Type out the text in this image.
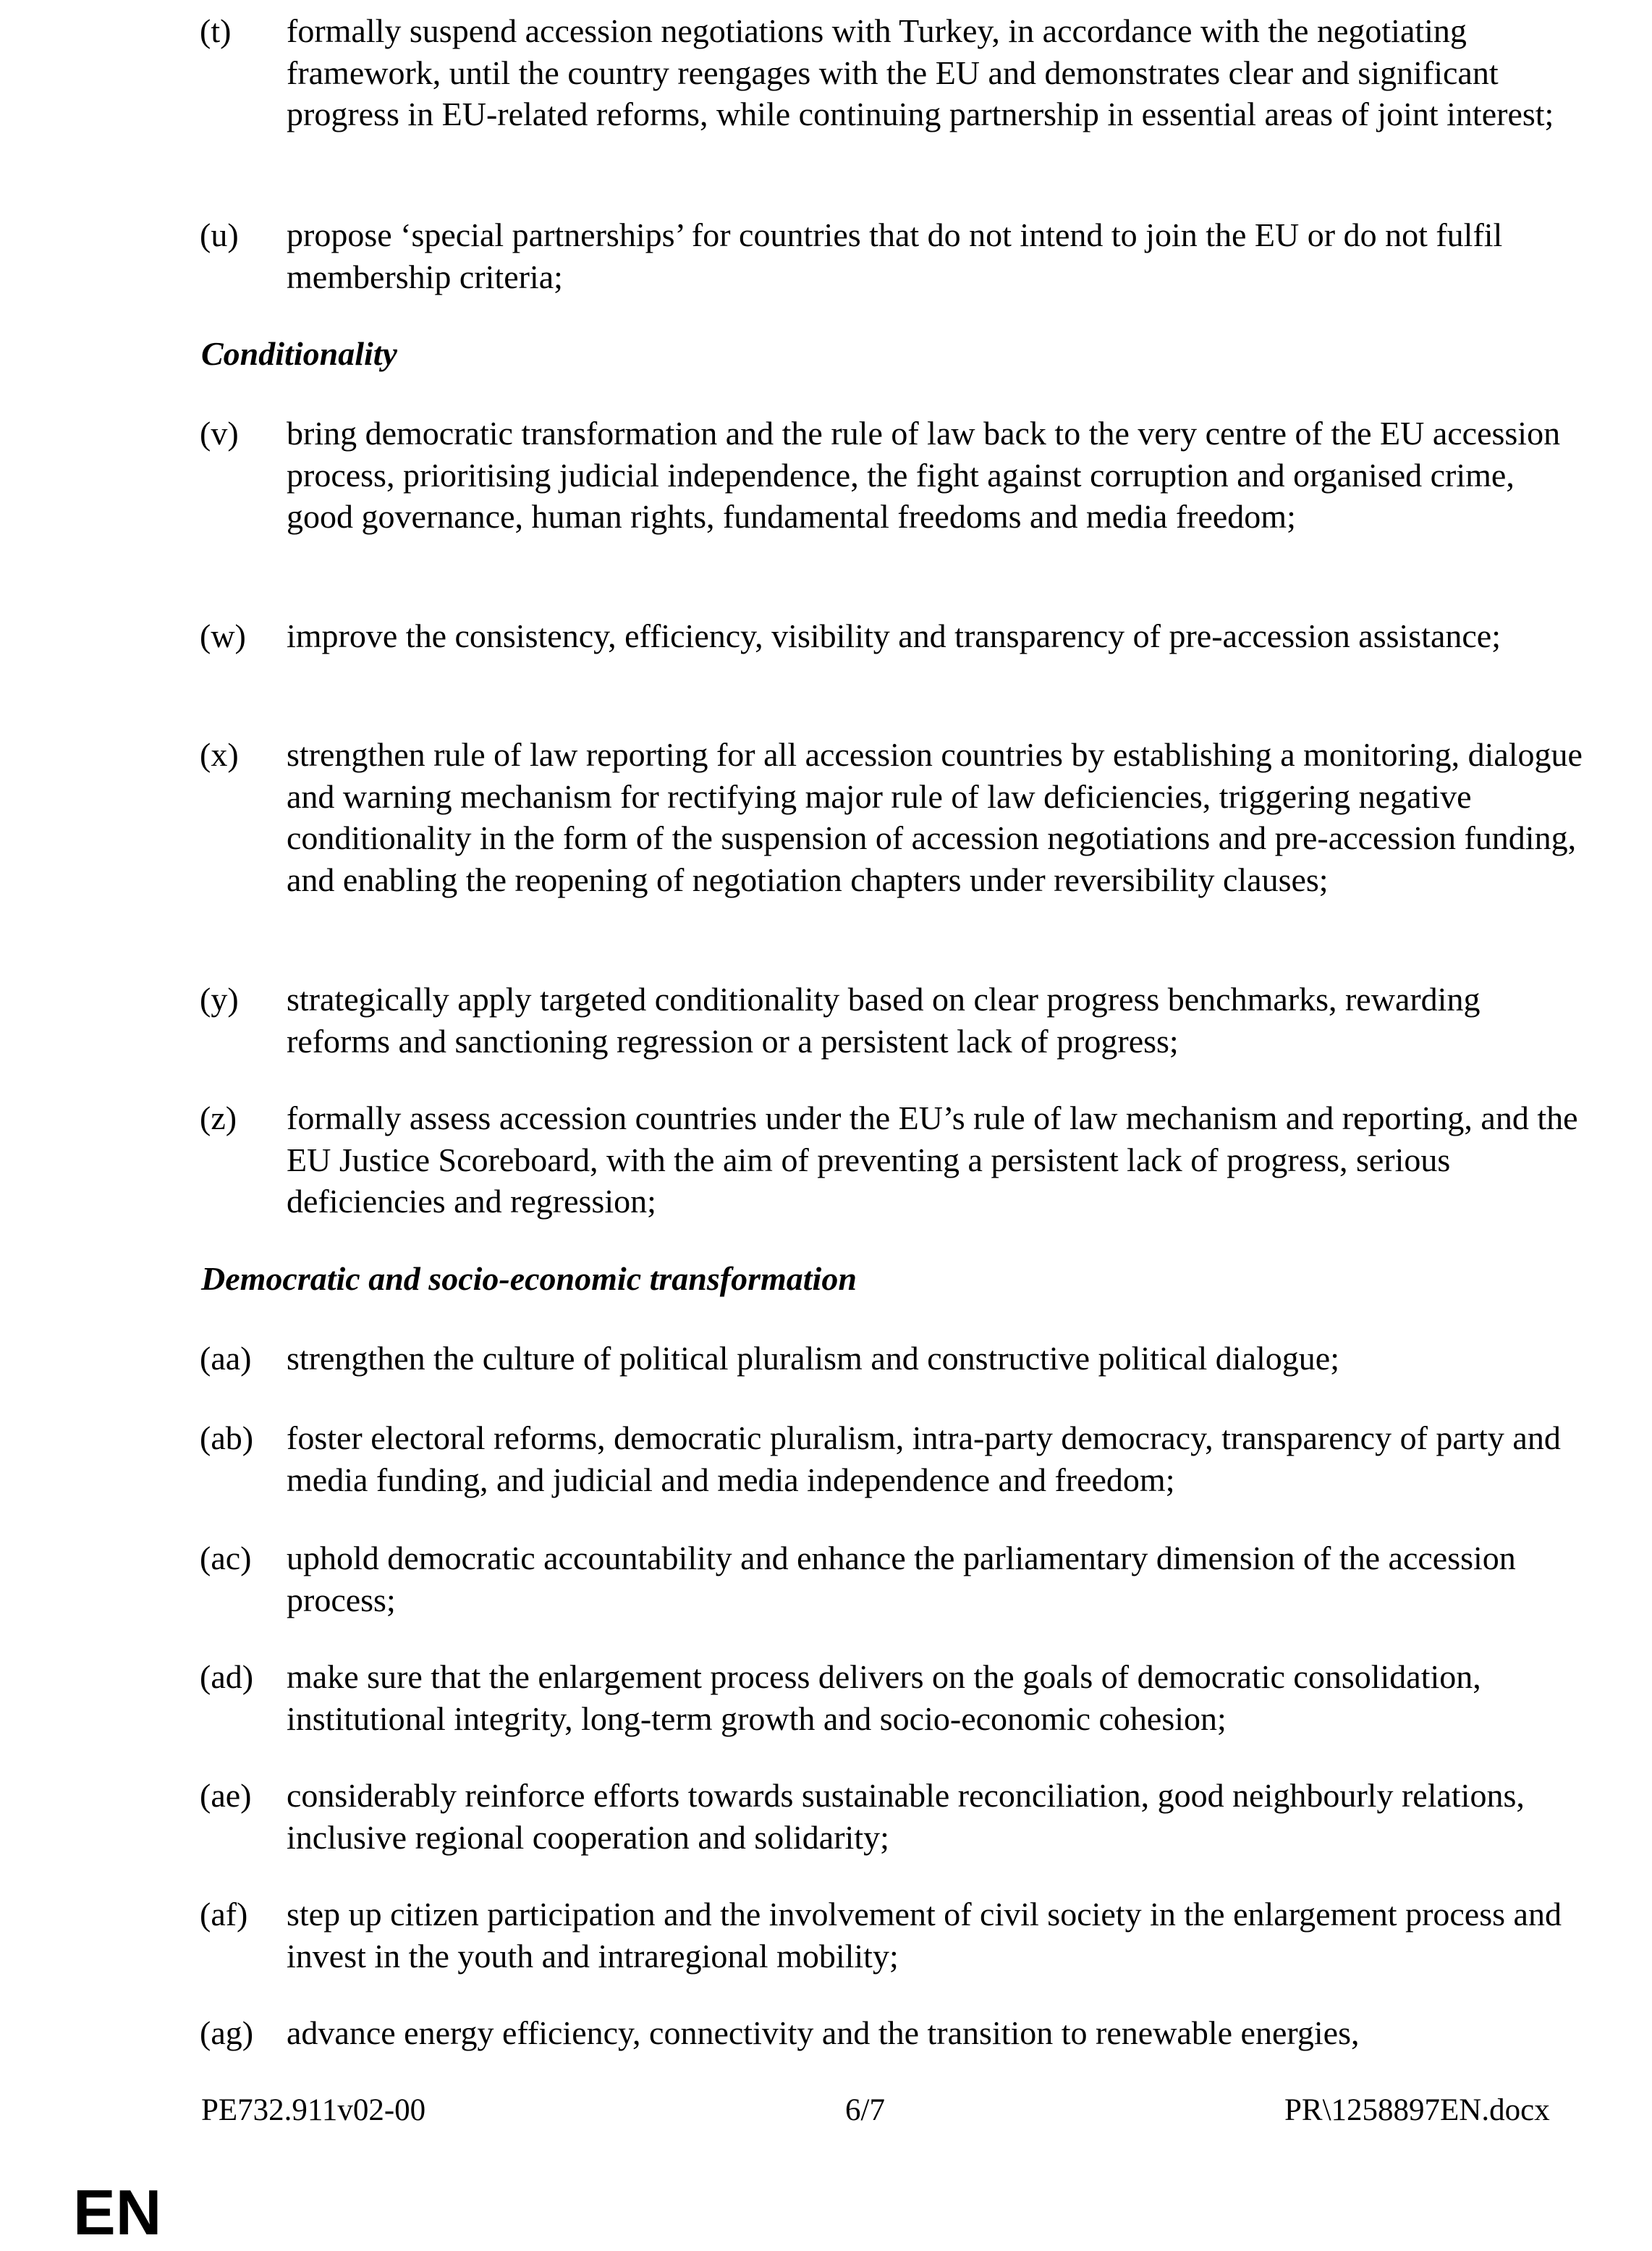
(t) formally suspend accession negotiations with Turkey, in accordance with the negotiating framework, until the country reengages with the EU and demonstrates clear and significant progress in EU-related reforms, while continuing partnership in essential areas of joint interest;
(u) propose ‘special partnerships’ for countries that do not intend to join the EU or do not fulfil membership criteria;
Conditionality
(v) bring democratic transformation and the rule of law back to the very centre of the EU accession process, prioritising judicial independence, the fight against corruption and organised crime, good governance, human rights, fundamental freedoms and media freedom;
(w) improve the consistency, efficiency, visibility and transparency of pre-accession assistance;
(x) strengthen rule of law reporting for all accession countries by establishing a monitoring, dialogue and warning mechanism for rectifying major rule of law deficiencies, triggering negative conditionality in the form of the suspension of accession negotiations and pre-accession funding, and enabling the reopening of negotiation chapters under reversibility clauses;
(y) strategically apply targeted conditionality based on clear progress benchmarks, rewarding reforms and sanctioning regression or a persistent lack of progress;
(z) formally assess accession countries under the EU’s rule of law mechanism and reporting, and the EU Justice Scoreboard, with the aim of preventing a persistent lack of progress, serious deficiencies and regression;
Democratic and socio-economic transformation
(aa) strengthen the culture of political pluralism and constructive political dialogue;
(ab) foster electoral reforms, democratic pluralism, intra-party democracy, transparency of party and media funding, and judicial and media independence and freedom;
(ac) uphold democratic accountability and enhance the parliamentary dimension of the accession process;
(ad) make sure that the enlargement process delivers on the goals of democratic consolidation, institutional integrity, long-term growth and socio-economic cohesion;
(ae) considerably reinforce efforts towards sustainable reconciliation, good neighbourly relations, inclusive regional cooperation and solidarity;
(af) step up citizen participation and the involvement of civil society in the enlargement process and invest in the youth and intraregional mobility;
(ag) advance energy efficiency, connectivity and the transition to renewable energies,
PE732.911v02-00	6/7	PR\1258897EN.docx
EN
